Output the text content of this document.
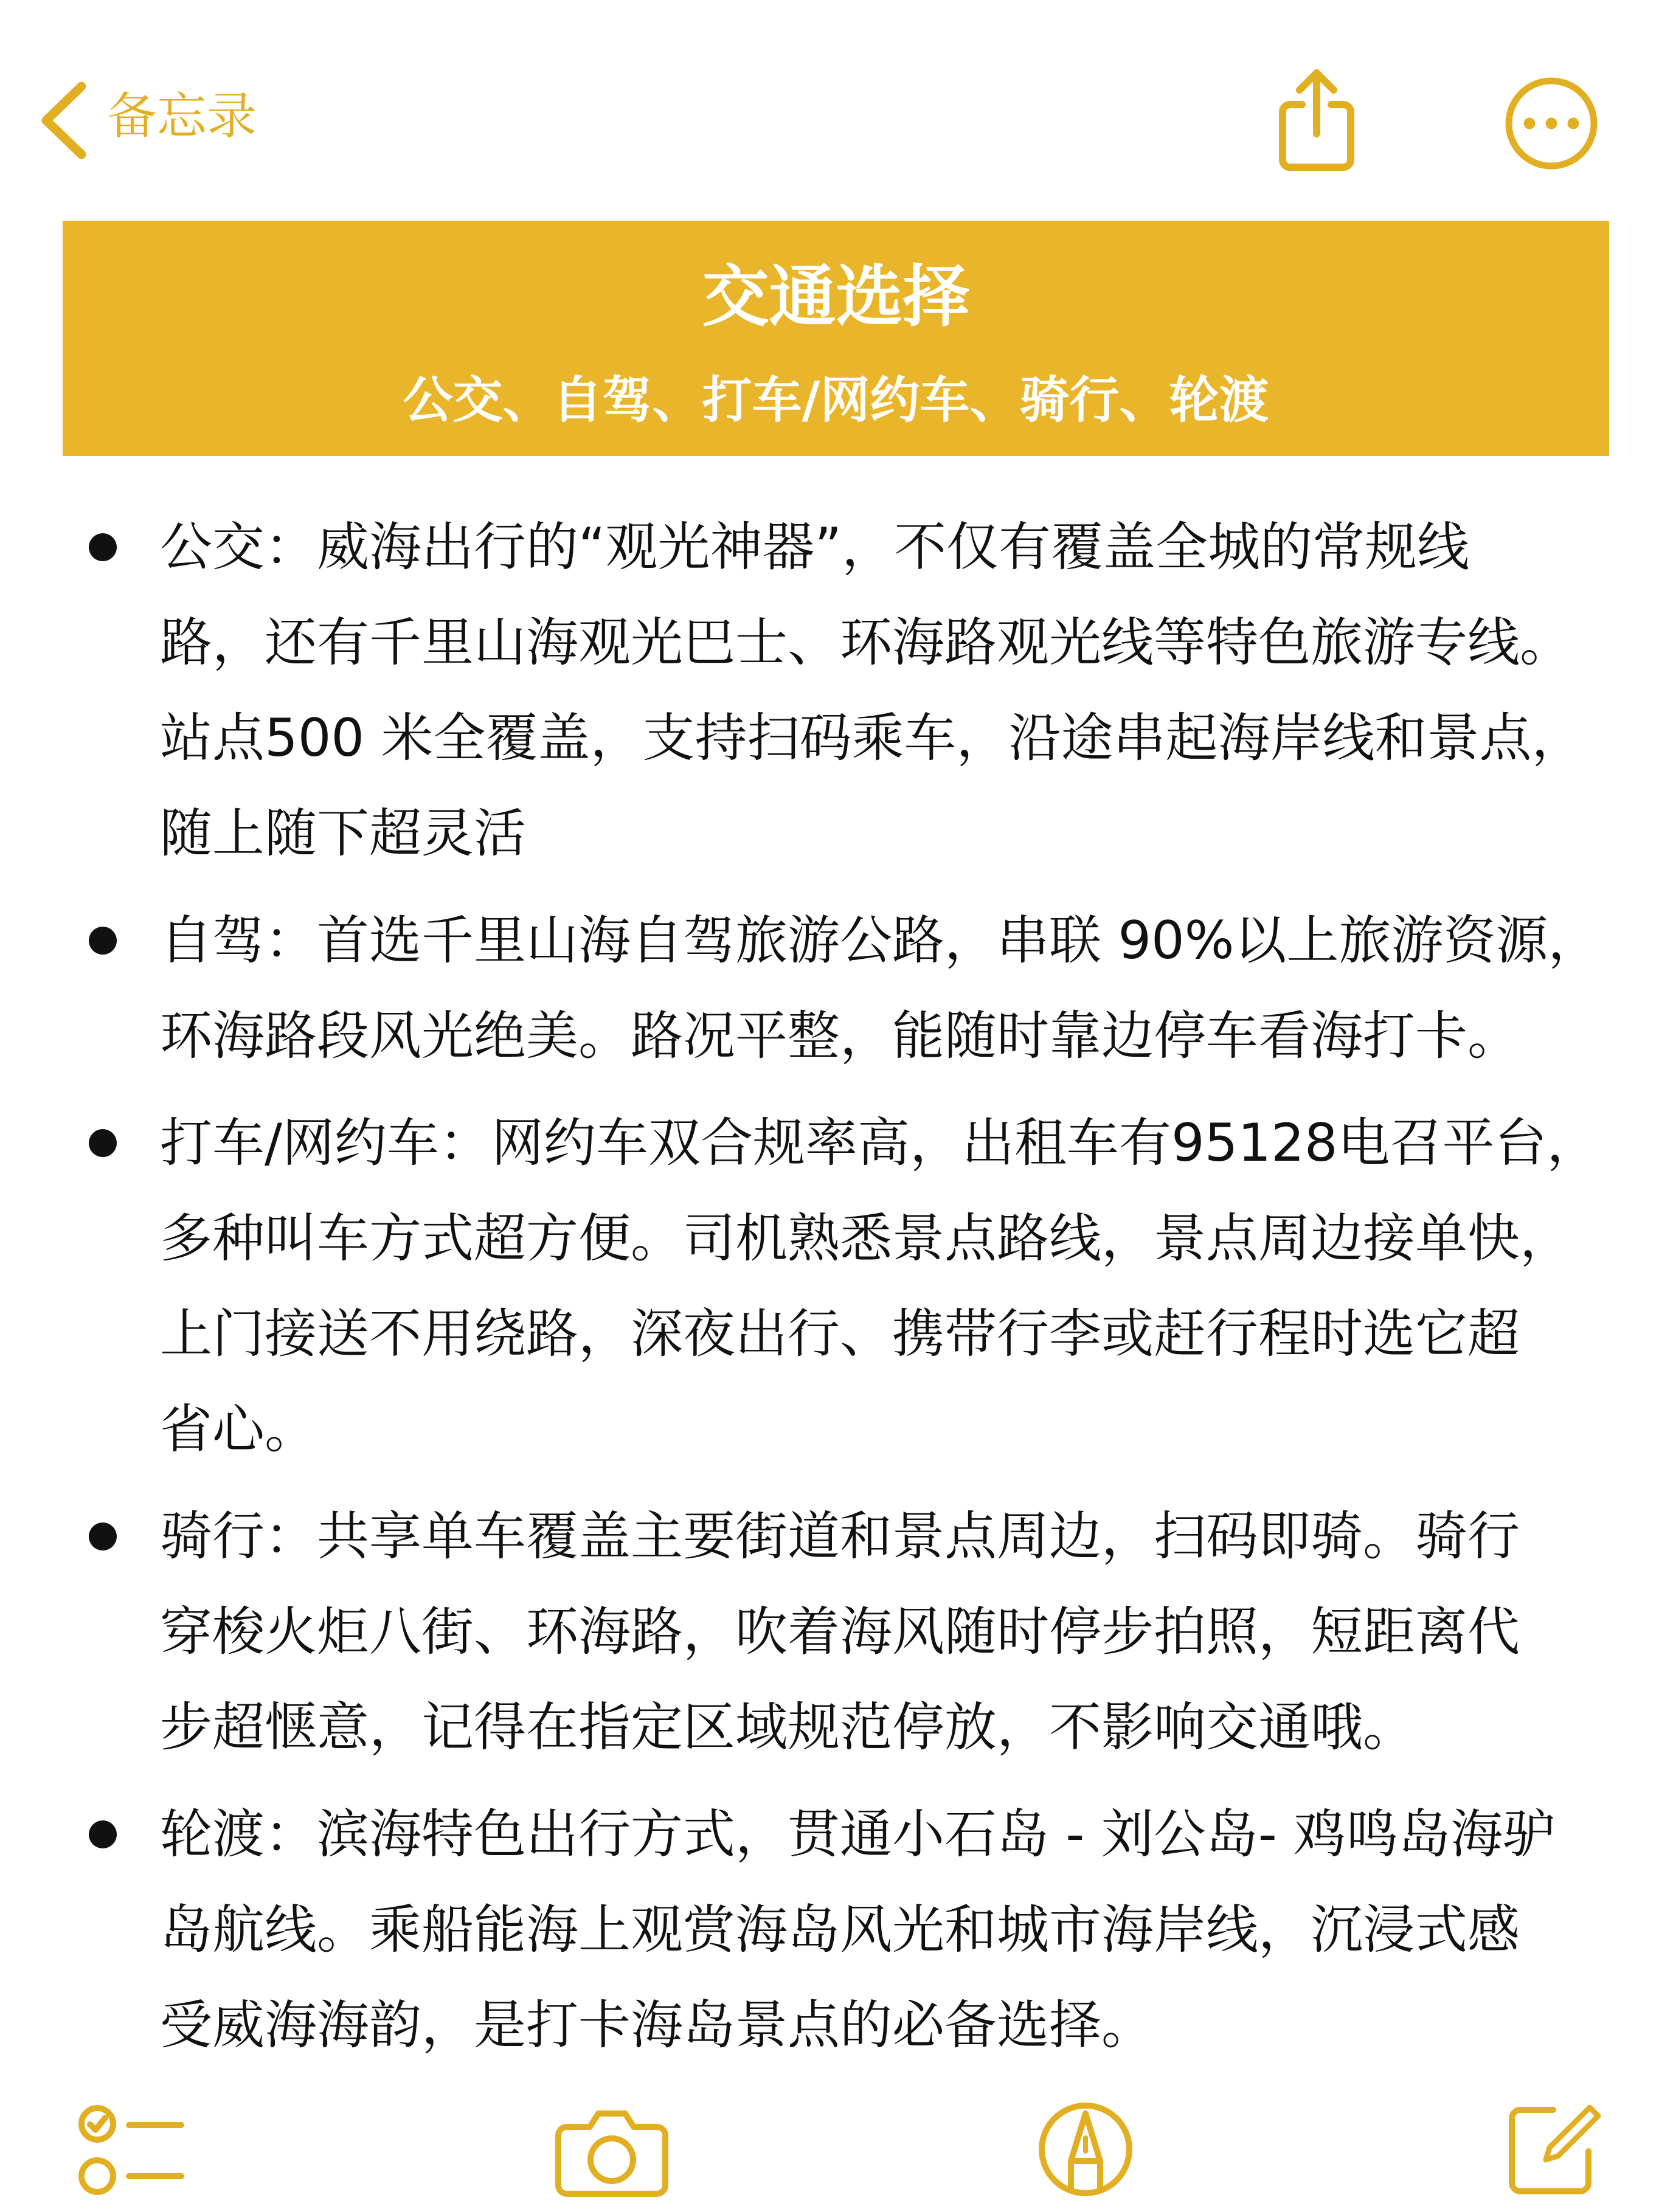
备忘录
交通选择
公交、自驾、打车/网约车、骑行、轮渡
公交：威海出行的“观光神器”，不仅有覆盖全城的常规线
路，还有千里山海观光巴士、环海路观光线等特色旅游专线。
站点500 米全覆盖，支持扫码乘车，沿途串起海岸线和景点，
随上随下超灵活
自驾：首选千里山海自驾旅游公路，串联 90%以上旅游资源，
环海路段风光绝美。路况平整，能随时靠边停车看海打卡。
打车/网约车：网约车双合规率高，出租车有95128电召平台，
多种叫车方式超方便。司机熟悉景点路线，景点周边接单快，
上门接送不用绕路，深夜出行、携带行李或赶行程时选它超
省心。
骑行：共享单车覆盖主要街道和景点周边，扫码即骑。骑行
穿梭火炬八街、环海路，吹着海风随时停步拍照，短距离代
步超惬意，记得在指定区域规范停放，不影响交通哦。
轮渡：滨海特色出行方式，贯通小石岛 - 刘公岛- 鸡鸣岛海驴
岛航线。乘船能海上观赏海岛风光和城市海岸线，沉浸式感
受威海海韵，是打卡海岛景点的必备选择。
